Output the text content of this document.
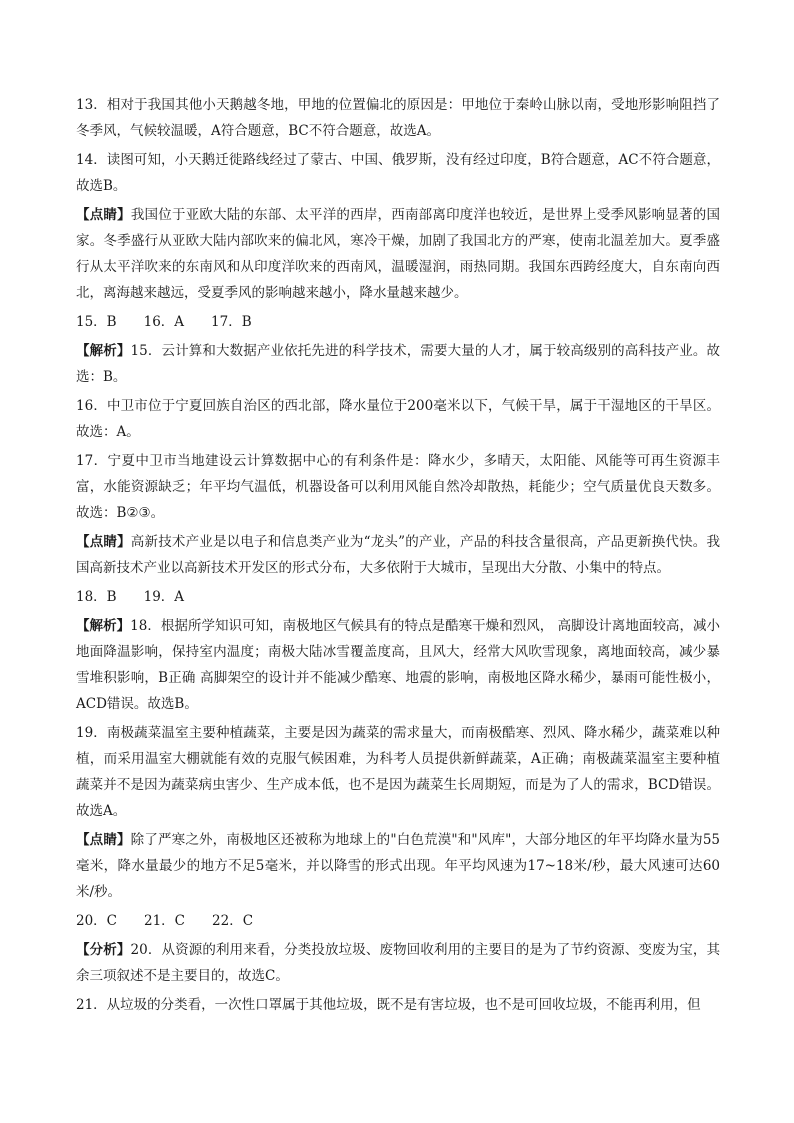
13．相对于我国其他小天鹅越冬地，甲地的位置偏北的原因是：甲地位于秦岭山脉以南，受地形影响阻挡了冬季风，气候较温暖，A符合题意，BC不符合题意，故选A。

14．读图可知，小天鹅迁徙路线经过了蒙古、中国、俄罗斯，没有经过印度，B符合题意，AC不符合题意，故选B。

【点睛】我国位于亚欧大陆的东部、太平洋的西岸，西南部离印度洋也较近，是世界上受季风影响显著的国家。冬季盛行从亚欧大陆内部吹来的偏北风，寒冷干燥，加剧了我国北方的严寒，使南北温差加大。夏季盛行从太平洋吹来的东南风和从印度洋吹来的西南风，温暖湿润，雨热同期。我国东西跨经度大，自东南向西北，离海越来越远，受夏季风的影响越来越小，降水量越来越少。

15．B　　16．A　　17．B

【解析】15．云计算和大数据产业依托先进的科学技术，需要大量的人才，属于较高级别的高科技产业。故选：B。

16．中卫市位于宁夏回族自治区的西北部，降水量位于200毫米以下，气候干旱，属于干湿地区的干旱区。故选：A。

17．宁夏中卫市当地建设云计算数据中心的有利条件是：降水少，多晴天，太阳能、风能等可再生资源丰富，水能资源缺乏；年平均气温低，机器设备可以利用风能自然冷却散热，耗能少；空气质量优良天数多。故选：B②③。

【点睛】高新技术产业是以电子和信息类产业为“龙头”的产业，产品的科技含量很高，产品更新换代快。我国高新技术产业以高新技术开发区的形式分布，大多依附于大城市，呈现出大分散、小集中的特点。

18．B　　19．A

【解析】18．根据所学知识可知，南极地区气候具有的特点是酷寒干燥和烈风， 高脚设计离地面较高，减小地面降温影响，保持室内温度；南极大陆冰雪覆盖度高，且风大，经常大风吹雪现象，离地面较高，减少暴雪堆积影响，B正确 高脚架空的设计并不能减少酷寒、地震的影响，南极地区降水稀少，暴雨可能性极小，ACD错误。故选B。

19．南极蔬菜温室主要种植蔬菜，主要是因为蔬菜的需求量大，而南极酷寒、烈风、降水稀少，蔬菜难以种植，而采用温室大棚就能有效的克服气候困难，为科考人员提供新鲜蔬菜，A正确；南极蔬菜温室主要种植蔬菜并不是因为蔬菜病虫害少、生产成本低，也不是因为蔬菜生长周期短，而是为了人的需求，BCD错误。故选A。

【点睛】除了严寒之外，南极地区还被称为地球上的"白色荒漠"和"风库"，大部分地区的年平均降水量为55毫米，降水量最少的地方不足5毫米，并以降雪的形式出现。年平均风速为17~18米/秒，最大风速可达60米/秒。

20．C　　21．C　　22．C

【分析】20．从资源的利用来看，分类投放垃圾、废物回收利用的主要目的是为了节约资源、变废为宝，其余三项叙述不是主要目的，故选C。

21．从垃圾的分类看，一次性口罩属于其他垃圾，既不是有害垃圾，也不是可回收垃圾，不能再利用，但
